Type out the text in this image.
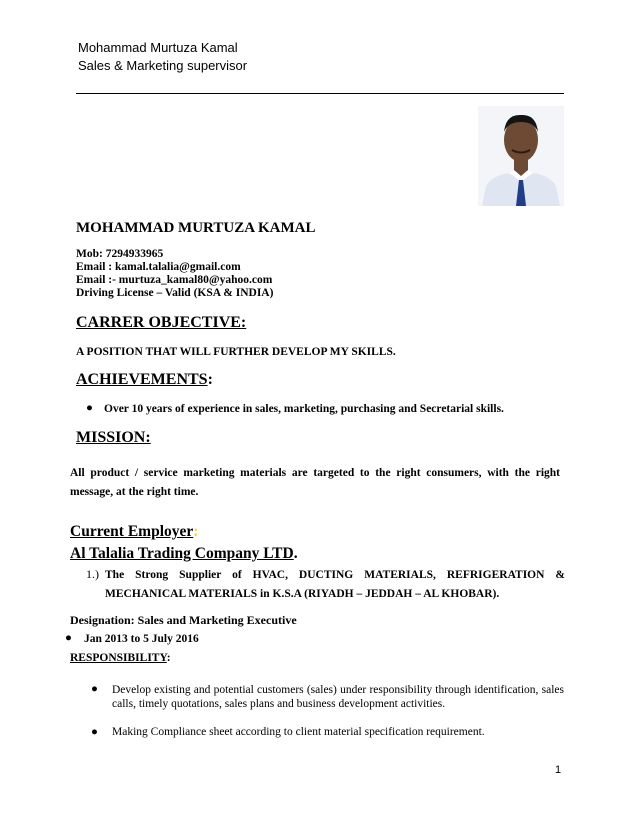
Mohammad Murtuza Kamal
Sales & Marketing supervisor
MOHAMMAD MURTUZA KAMAL
Mob: 7294933965
Email : kamal.talalia@gmail.com
Email :- murtuza_kamal80@yahoo.com
Driving License – Valid (KSA & INDIA)
CARRER OBJECTIVE:
A POSITION THAT WILL FURTHER DEVELOP MY SKILLS.
ACHIEVEMENTS:
● Over 10 years of experience in sales, marketing, purchasing and Secretarial skills.
MISSION:
All product / service marketing materials are targeted to the right consumers, with the right message, at the right time.
Current Employer:
Al Talalia Trading Company LTD.
1.) The Strong Supplier of HVAC, DUCTING MATERIALS, REFRIGERATION & MECHANICAL MATERIALS in K.S.A (RIYADH – JEDDAH – AL KHOBAR).
Designation: Sales and Marketing Executive
● Jan 2013 to 5 July 2016
RESPONSIBILITY:
● Develop existing and potential customers (sales) under responsibility through identification, sales calls, timely quotations, sales plans and business development activities.
● Making Compliance sheet according to client material specification requirement.
1
